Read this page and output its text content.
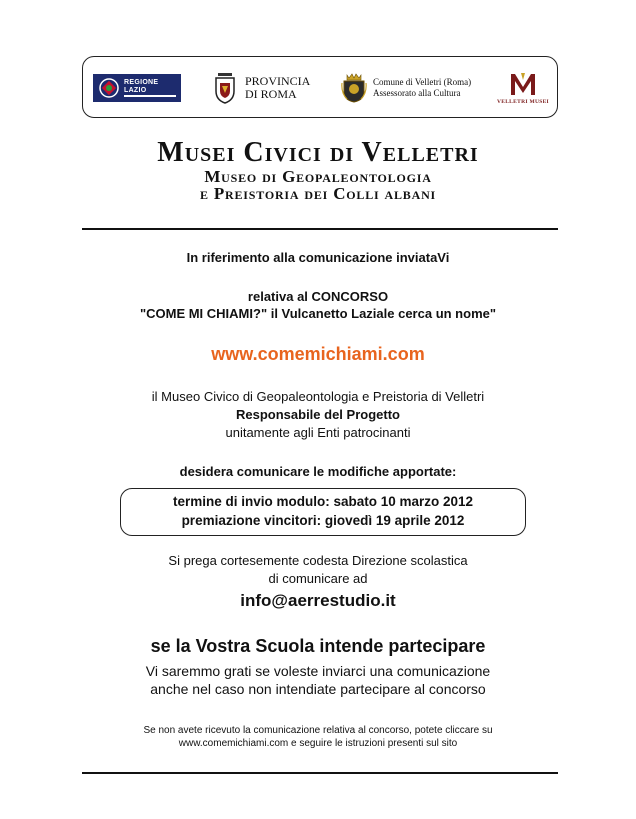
REGIONE
LAZIO
PROVINCIA
DI ROMA
Comune di Velletri (Roma)
Assessorato alla Cultura
VELLETRI MUSEI
Musei Civici di Velletri
Museo di Geopaleontologia
e Preistoria dei Colli albani
In riferimento alla comunicazione inviataVi
relativa al CONCORSO
"COME MI CHIAMI?" il Vulcanetto Laziale cerca un nome"
www.comemichiami.com
il Museo Civico di Geopaleontologia e Preistoria di Velletri
Responsabile del Progetto
unitamente agli Enti patrocinanti
desidera comunicare le modifiche apportate:
termine di invio modulo: sabato 10 marzo 2012
premiazione vincitori: giovedì 19 aprile 2012
Si prega cortesemente codesta Direzione scolastica
di comunicare ad
info@aerrestudio.it
se la Vostra Scuola intende partecipare
Vi saremmo grati se voleste inviarci una comunicazione
anche nel caso non intendiate partecipare al concorso
Se non avete ricevuto la comunicazione relativa al concorso, potete cliccare su
www.comemichiami.com e seguire le istruzioni presenti sul sito
